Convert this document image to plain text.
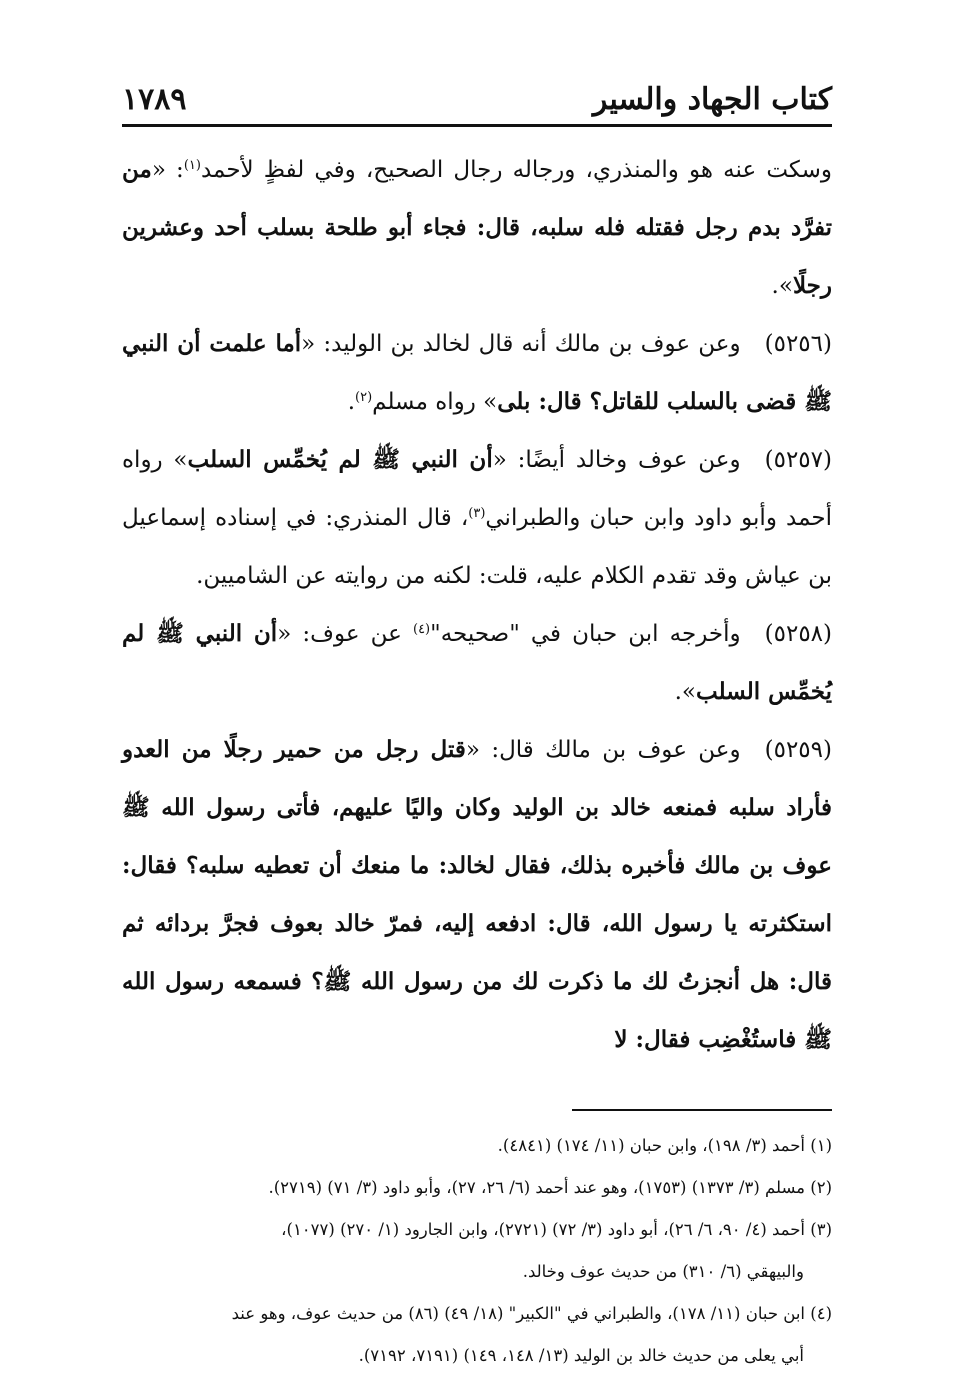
كتاب الجهاد والسير
١٧٨٩

وسكت عنه هو والمنذري، ورجاله رجال الصحيح، وفي لفظٍ لأحمد$^{(١)}$: «من تفرَّد بدم رجل فقتله فله سلبه، قال: فجاء أبو طلحة بسلب أحد وعشرين رجلًا».

(٥٢٥٦)وعن عوف بن مالك أنه قال لخالد بن الوليد: «أما علمت أن النبي ﷺ قضى بالسلب للقاتل؟ قال: بلى» رواه مسلم$^{(٢)}$.

(٥٢٥٧)وعن عوف وخالد أيضًا: «أن النبي ﷺ لم يُخمِّس السلب» رواه أحمد وأبو داود وابن حبان والطبراني$^{(٣)}$، قال المنذري: في إسناده إسماعيل بن عياش وقد تقدم الكلام عليه، قلت: لكنه من روايته عن الشاميين.

(٥٢٥٨)وأخرجه ابن حبان في "صحيحه"$^{(٤)}$ عن عوف: «أن النبي ﷺ لم يُخمِّس السلب».

(٥٢٥٩)وعن عوف بن مالك قال: «قتل رجل من حمير رجلًا من العدو فأراد سلبه فمنعه خالد بن الوليد وكان واليًا عليهم، فأتى رسول الله ﷺ عوف بن مالك فأخبره بذلك، فقال لخالد: ما منعك أن تعطيه سلبه؟ فقال: استكثرته يا رسول الله، قال: ادفعه إليه، فمرّ خالد بعوف فجرَّ بردائه ثم قال: هل أنجزتُ لك ما ذكرت لك من رسول الله ﷺ؟ فسمعه رسول الله ﷺ فاستُغْضِب فقال: لا

(١) أحمد (٣/ ١٩٨)، وابن حبان (١١/ ١٧٤) (٤٨٤١).

(٢) مسلم (٣/ ١٣٧٣) (١٧٥٣)، وهو عند أحمد (٦/ ٢٦، ٢٧)، وأبو داود (٣/ ٧١) (٢٧١٩).

(٣) أحمد (٤/ ٩٠، ٦/ ٢٦)، أبو داود (٣/ ٧٢) (٢٧٢١)، وابن الجارود (١/ ٢٧٠) (١٠٧٧)،

والبيهقي (٦/ ٣١٠) من حديث عوف وخالد.

(٤) ابن حبان (١١/ ١٧٨)، والطبراني في "الكبير" (١٨/ ٤٩) (٨٦) من حديث عوف، وهو عند

أبي يعلى من حديث خالد بن الوليد (١٣/ ١٤٨، ١٤٩) (٧١٩١، ٧١٩٢).
